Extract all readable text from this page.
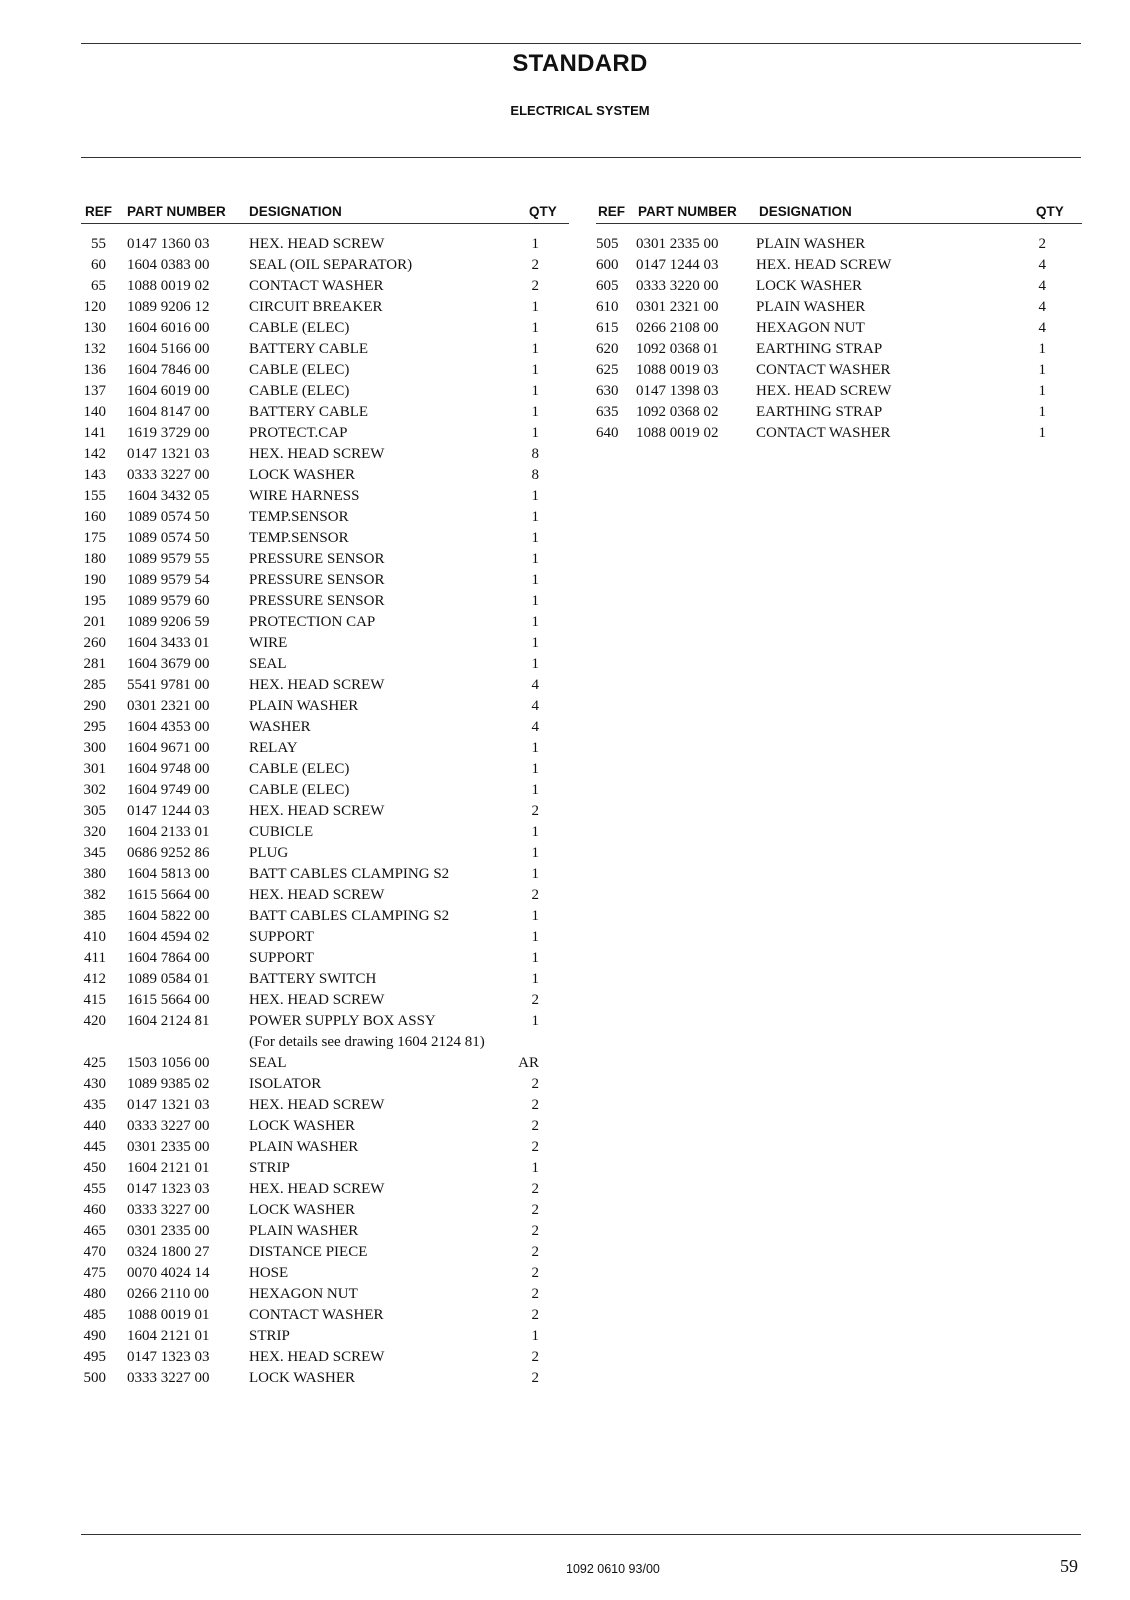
STANDARD
ELECTRICAL SYSTEM
REF PART NUMBER DESIGNATION	QTY
55 0147 1360 03	HEX. HEAD SCREW	1
60 1604 0383 00	SEAL (OIL SEPARATOR)	2
65 1088 0019 02	CONTACT WASHER	2
120 1089 9206 12	CIRCUIT BREAKER	1
130 1604 6016 00	CABLE (ELEC)	1
132 1604 5166 00	BATTERY CABLE	1
136 1604 7846 00	CABLE (ELEC)	1
137 1604 6019 00	CABLE (ELEC)	1
140 1604 8147 00	BATTERY CABLE	1
141 1619 3729 00	PROTECT.CAP	1
142 0147 1321 03	HEX. HEAD SCREW	8
143 0333 3227 00	LOCK WASHER	8
155 1604 3432 05	WIRE HARNESS	1
160 1089 0574 50	TEMP.SENSOR	1
175 1089 0574 50	TEMP.SENSOR	1
180 1089 9579 55	PRESSURE SENSOR	1
190 1089 9579 54	PRESSURE SENSOR	1
195 1089 9579 60	PRESSURE SENSOR	1
201 1089 9206 59	PROTECTION CAP	1
260 1604 3433 01	WIRE	1
281 1604 3679 00	SEAL	1
285 5541 9781 00	HEX. HEAD SCREW	4
290 0301 2321 00	PLAIN WASHER	4
295 1604 4353 00	WASHER	4
300 1604 9671 00	RELAY	1
301 1604 9748 00	CABLE (ELEC)	1
302 1604 9749 00	CABLE (ELEC)	1
305 0147 1244 03	HEX. HEAD SCREW	2
320 1604 2133 01	CUBICLE	1
345 0686 9252 86	PLUG	1
380 1604 5813 00	BATT CABLES CLAMPING S2	1
382 1615 5664 00	HEX. HEAD SCREW	2
385 1604 5822 00	BATT CABLES CLAMPING S2	1
410 1604 4594 02	SUPPORT	1
411 1604 7864 00	SUPPORT	1
412 1089 0584 01	BATTERY SWITCH	1
415 1615 5664 00	HEX. HEAD SCREW	2
420 1604 2124 81	POWER SUPPLY BOX ASSY	1
(For details see drawing 1604 2124 81)
425 1503 1056 00	SEAL	AR
430 1089 9385 02	ISOLATOR	2
435 0147 1321 03	HEX. HEAD SCREW	2
440 0333 3227 00	LOCK WASHER	2
445 0301 2335 00	PLAIN WASHER	2
450 1604 2121 01	STRIP	1
455 0147 1323 03	HEX. HEAD SCREW	2
460 0333 3227 00	LOCK WASHER	2
465 0301 2335 00	PLAIN WASHER	2
470 0324 1800 27	DISTANCE PIECE	2
475 0070 4024 14	HOSE	2
480 0266 2110 00	HEXAGON NUT	2
485 1088 0019 01	CONTACT WASHER	2
490 1604 2121 01	STRIP	1
495 0147 1323 03	HEX. HEAD SCREW	2
500 0333 3227 00	LOCK WASHER	2
REF PART NUMBER DESIGNATION	QTY
505 0301 2335 00	PLAIN WASHER	2
600 0147 1244 03	HEX. HEAD SCREW	4
605 0333 3220 00	LOCK WASHER	4
610 0301 2321 00	PLAIN WASHER	4
615 0266 2108 00	HEXAGON NUT	4
620 1092 0368 01	EARTHING STRAP	1
625 1088 0019 03	CONTACT WASHER	1
630 0147 1398 03	HEX. HEAD SCREW	1
635 1092 0368 02	EARTHING STRAP	1
640 1088 0019 02	CONTACT WASHER	1
1092 0610 93/00	59
